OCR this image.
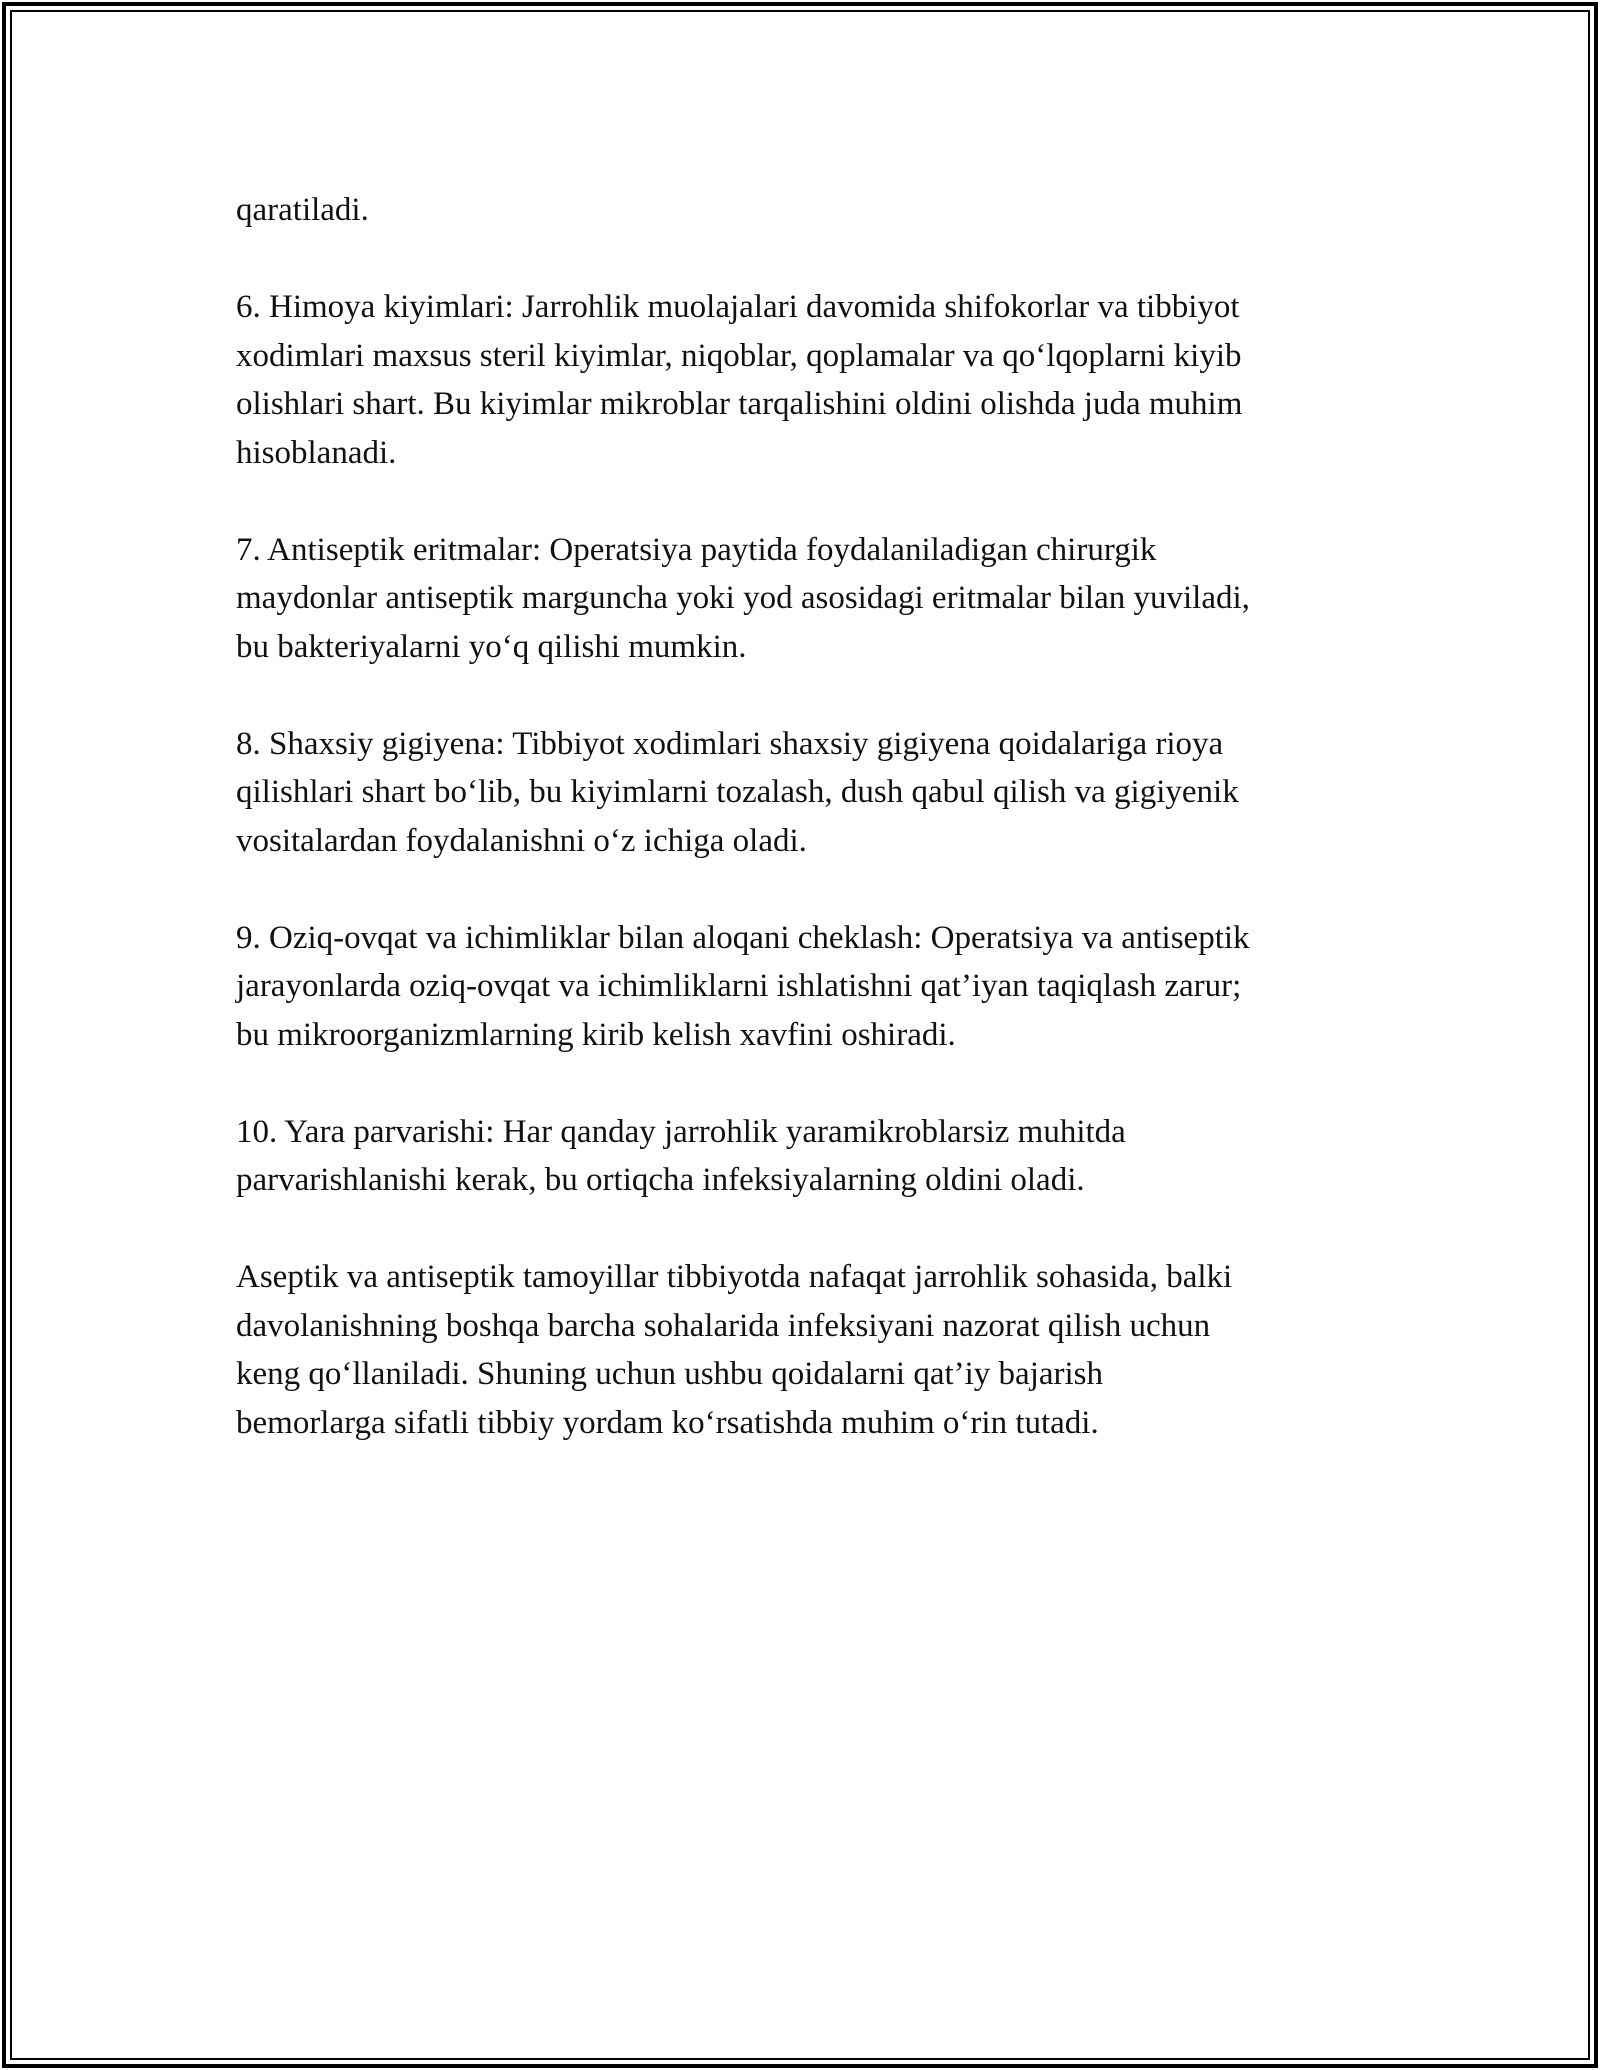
qaratiladi.

6. Himoya kiyimlari: Jarrohlik muolajalari davomida shifokorlar va tibbiyot
xodimlari maxsus steril kiyimlar, niqoblar, qoplamalar va qo‘lqoplarni kiyib
olishlari shart. Bu kiyimlar mikroblar tarqalishini oldini olishda juda muhim
hisoblanadi.

7. Antiseptik eritmalar: Operatsiya paytida foydalaniladigan chirurgik
maydonlar antiseptik marguncha yoki yod asosidagi eritmalar bilan yuviladi,
bu bakteriyalarni yo‘q qilishi mumkin.

8. Shaxsiy gigiyena: Tibbiyot xodimlari shaxsiy gigiyena qoidalariga rioya
qilishlari shart bo‘lib, bu kiyimlarni tozalash, dush qabul qilish va gigiyenik
vositalardan foydalanishni o‘z ichiga oladi.

9. Oziq-ovqat va ichimliklar bilan aloqani cheklash: Operatsiya va antiseptik
jarayonlarda oziq-ovqat va ichimliklarni ishlatishni qat’iyan taqiqlash zarur;
bu mikroorganizmlarning kirib kelish xavfini oshiradi.

10. Yara parvarishi: Har qanday jarrohlik yaramikroblarsiz muhitda
parvarishlanishi kerak, bu ortiqcha infeksiyalarning oldini oladi.

Aseptik va antiseptik tamoyillar tibbiyotda nafaqat jarrohlik sohasida, balki
davolanishning boshqa barcha sohalarida infeksiyani nazorat qilish uchun
keng qo‘llaniladi. Shuning uchun ushbu qoidalarni qat’iy bajarish
bemorlarga sifatli tibbiy yordam ko‘rsatishda muhim o‘rin tutadi.
